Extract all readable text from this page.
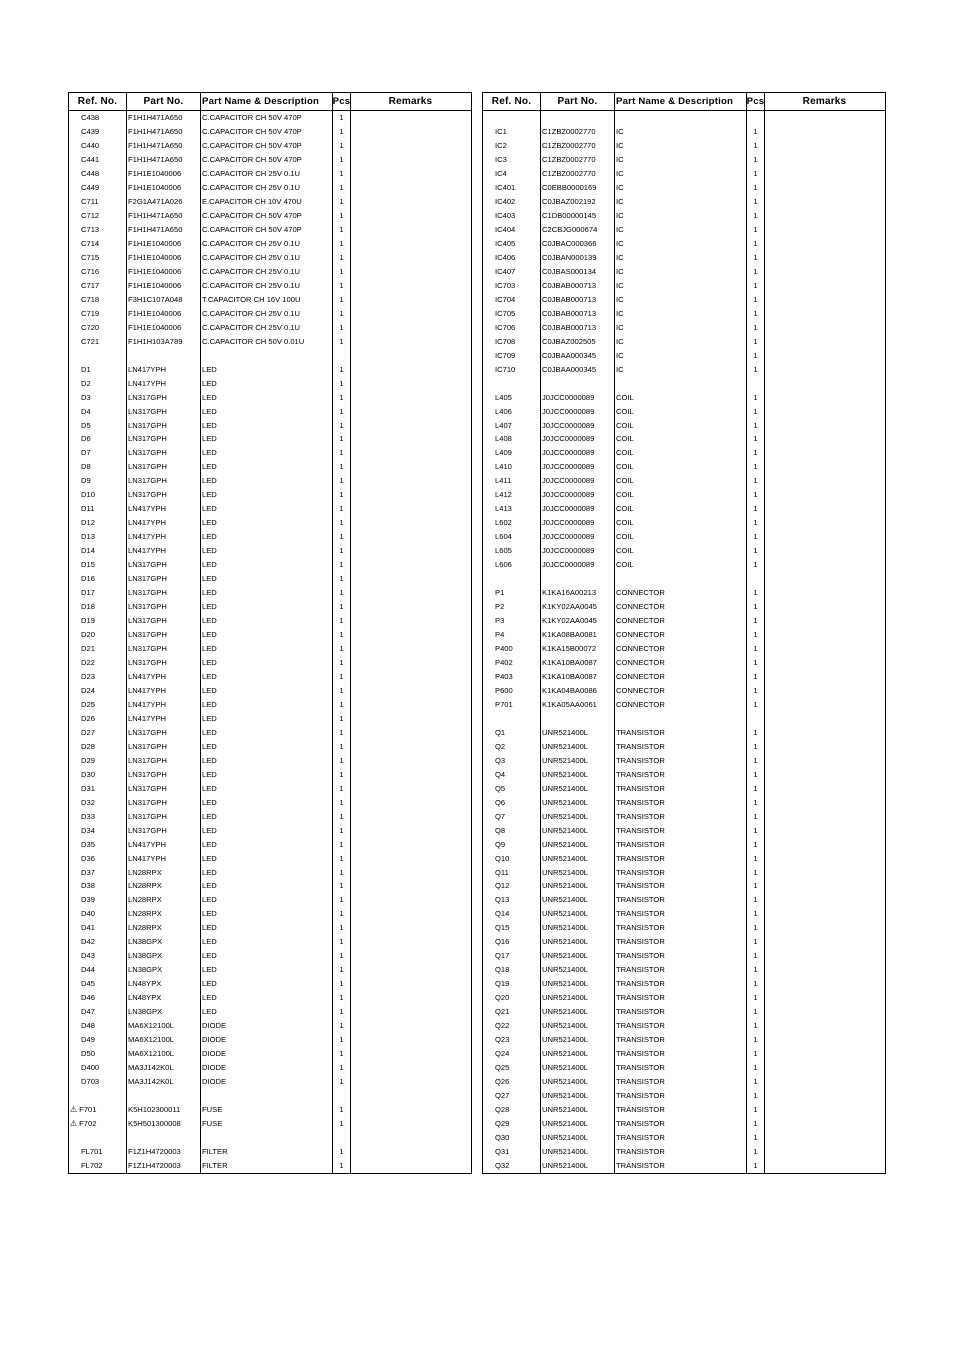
Ref. No.	Part No.	Part Name & Description	Pcs	Remarks
C438	F1H1H471A650	C.CAPACITOR CH 50V 470P	1
C439	F1H1H471A650	C.CAPACITOR CH 50V 470P	1
C440	F1H1H471A650	C.CAPACITOR CH 50V 470P	1
C441	F1H1H471A650	C.CAPACITOR CH 50V 470P	1
C448	F1H1E1040006	C.CAPACITOR CH 25V 0.1U	1
C449	F1H1E1040006	C.CAPACITOR CH 25V 0.1U	1
C711	F2G1A471A026	E.CAPACITOR CH 10V 470U	1
C712	F1H1H471A650	C.CAPACITOR CH 50V 470P	1
C713	F1H1H471A650	C.CAPACITOR CH 50V 470P	1
C714	F1H1E1040006	C.CAPACITOR CH 25V 0.1U	1
C715	F1H1E1040006	C.CAPACITOR CH 25V 0.1U	1
C716	F1H1E1040006	C.CAPACITOR CH 25V 0.1U	1
C717	F1H1E1040006	C.CAPACITOR CH 25V 0.1U	1
C718	F3H1C107A048	T.CAPACITOR CH 16V 100U	1
C719	F1H1E1040006	C.CAPACITOR CH 25V 0.1U	1
C720	F1H1E1040006	C.CAPACITOR CH 25V 0.1U	1
C721	F1H1H103A789	C.CAPACITOR CH 50V 0.01U	1
D1	LN417YPH	LED	1
D2	LN417YPH	LED	1
D3	LN317GPH	LED	1
D4	LN317GPH	LED	1
D5	LN317GPH	LED	1
D6	LN317GPH	LED	1
D7	LN317GPH	LED	1
D8	LN317GPH	LED	1
D9	LN317GPH	LED	1
D10	LN317GPH	LED	1
D11	LN417YPH	LED	1
D12	LN417YPH	LED	1
D13	LN417YPH	LED	1
D14	LN417YPH	LED	1
D15	LN317GPH	LED	1
D16	LN317GPH	LED	1
D17	LN317GPH	LED	1
D18	LN317GPH	LED	1
D19	LN317GPH	LED	1
D20	LN317GPH	LED	1
D21	LN317GPH	LED	1
D22	LN317GPH	LED	1
D23	LN417YPH	LED	1
D24	LN417YPH	LED	1
D25	LN417YPH	LED	1
D26	LN417YPH	LED	1
D27	LN317GPH	LED	1
D28	LN317GPH	LED	1
D29	LN317GPH	LED	1
D30	LN317GPH	LED	1
D31	LN317GPH	LED	1
D32	LN317GPH	LED	1
D33	LN317GPH	LED	1
D34	LN317GPH	LED	1
D35	LN417YPH	LED	1
D36	LN417YPH	LED	1
D37	LN28RPX	LED	1
D38	LN28RPX	LED	1
D39	LN28RPX	LED	1
D40	LN28RPX	LED	1
D41	LN28RPX	LED	1
D42	LN38GPX	LED	1
D43	LN38GPX	LED	1
D44	LN38GPX	LED	1
D45	LN48YPX	LED	1
D46	LN48YPX	LED	1
D47	LN38GPX	LED	1
D48	MA6X12100L	DIODE	1
D49	MA6X12100L	DIODE	1
D50	MA6X12100L	DIODE	1
D400	MA3J142K0L	DIODE	1
D703	MA3J142K0L	DIODE	1
⚠ F701	K5H102300011	FUSE	1
⚠ F702	K5H501300008	FUSE	1
FL701	F1Z1H4720003	FILTER	1
FL702	F1Z1H4720003	FILTER	1
Ref. No.	Part No.	Part Name & Description	Pcs	Remarks
IC1	C1ZBZ0002770	IC	1
IC2	C1ZBZ0002770	IC	1
IC3	C1ZBZ0002770	IC	1
IC4	C1ZBZ0002770	IC	1
IC401	C0EBB0000169	IC	1
IC402	C0JBAZ002192	IC	1
IC403	C1DB00000145	IC	1
IC404	C2CBJG000674	IC	1
IC405	C0JBAC000366	IC	1
IC406	C0JBAN000139	IC	1
IC407	C0JBAS000134	IC	1
IC703	C0JBAB000713	IC	1
IC704	C0JBAB000713	IC	1
IC705	C0JBAB000713	IC	1
IC706	C0JBAB000713	IC	1
IC708	C0JBAZ002505	IC	1
IC709	C0JBAA000345	IC	1
IC710	C0JBAA000345	IC	1
L405	J0JCC0000089	COIL	1
L406	J0JCC0000089	COIL	1
L407	J0JCC0000089	COIL	1
L408	J0JCC0000089	COIL	1
L409	J0JCC0000089	COIL	1
L410	J0JCC0000089	COIL	1
L411	J0JCC0000089	COIL	1
L412	J0JCC0000089	COIL	1
L413	J0JCC0000089	COIL	1
L602	J0JCC0000089	COIL	1
L604	J0JCC0000089	COIL	1
L605	J0JCC0000089	COIL	1
L606	J0JCC0000089	COIL	1
P1	K1KA16A00213	CONNECTOR	1
P2	K1KY02AA0045	CONNECTOR	1
P3	K1KY02AA0045	CONNECTOR	1
P4	K1KA08BA0081	CONNECTOR	1
P400	K1KA15B00072	CONNECTOR	1
P402	K1KA10BA0087	CONNECTOR	1
P403	K1KA10BA0087	CONNECTOR	1
P600	K1KA04BA0086	CONNECTOR	1
P701	K1KA05AA0061	CONNECTOR	1
Q1	UNR521400L	TRANSISTOR	1
Q2	UNR521400L	TRANSISTOR	1
Q3	UNR521400L	TRANSISTOR	1
Q4	UNR521400L	TRANSISTOR	1
Q5	UNR521400L	TRANSISTOR	1
Q6	UNR521400L	TRANSISTOR	1
Q7	UNR521400L	TRANSISTOR	1
Q8	UNR521400L	TRANSISTOR	1
Q9	UNR521400L	TRANSISTOR	1
Q10	UNR521400L	TRANSISTOR	1
Q11	UNR521400L	TRANSISTOR	1
Q12	UNR521400L	TRANSISTOR	1
Q13	UNR521400L	TRANSISTOR	1
Q14	UNR521400L	TRANSISTOR	1
Q15	UNR521400L	TRANSISTOR	1
Q16	UNR521400L	TRANSISTOR	1
Q17	UNR521400L	TRANSISTOR	1
Q18	UNR521400L	TRANSISTOR	1
Q19	UNR521400L	TRANSISTOR	1
Q20	UNR521400L	TRANSISTOR	1
Q21	UNR521400L	TRANSISTOR	1
Q22	UNR521400L	TRANSISTOR	1
Q23	UNR521400L	TRANSISTOR	1
Q24	UNR521400L	TRANSISTOR	1
Q25	UNR521400L	TRANSISTOR	1
Q26	UNR521400L	TRANSISTOR	1
Q27	UNR521400L	TRANSISTOR	1
Q28	UNR521400L	TRANSISTOR	1
Q29	UNR521400L	TRANSISTOR	1
Q30	UNR521400L	TRANSISTOR	1
Q31	UNR521400L	TRANSISTOR	1
Q32	UNR521400L	TRANSISTOR	1
